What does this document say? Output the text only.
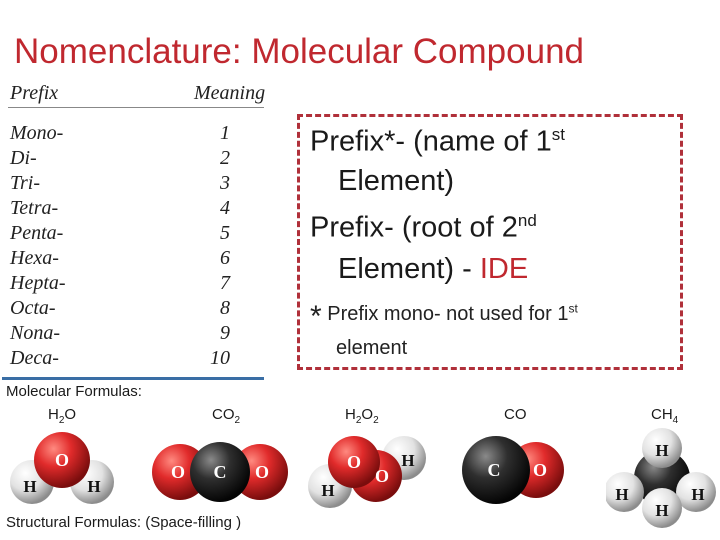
Nomenclature: Molecular Compound
Prefix	Meaning
Mono-	1
Di-	2
Tri-	3
Tetra-	4
Penta-	5
Hexa-	6
Hepta-	7
Octa-	8
Nona-	9
Deca-	10
Prefix*- (name of 1st
Element)
Prefix- (root of 2nd
Element) - IDE
* Prefix mono- not used for 1st
element
Molecular Formulas:
Structural Formulas: (Space-filling )
$H_2O$	$CO_2$	$H_2O_2$	CO	$CH_4$
O
H	H
O C O	O
O
H
H	C O
H
H	H
H
